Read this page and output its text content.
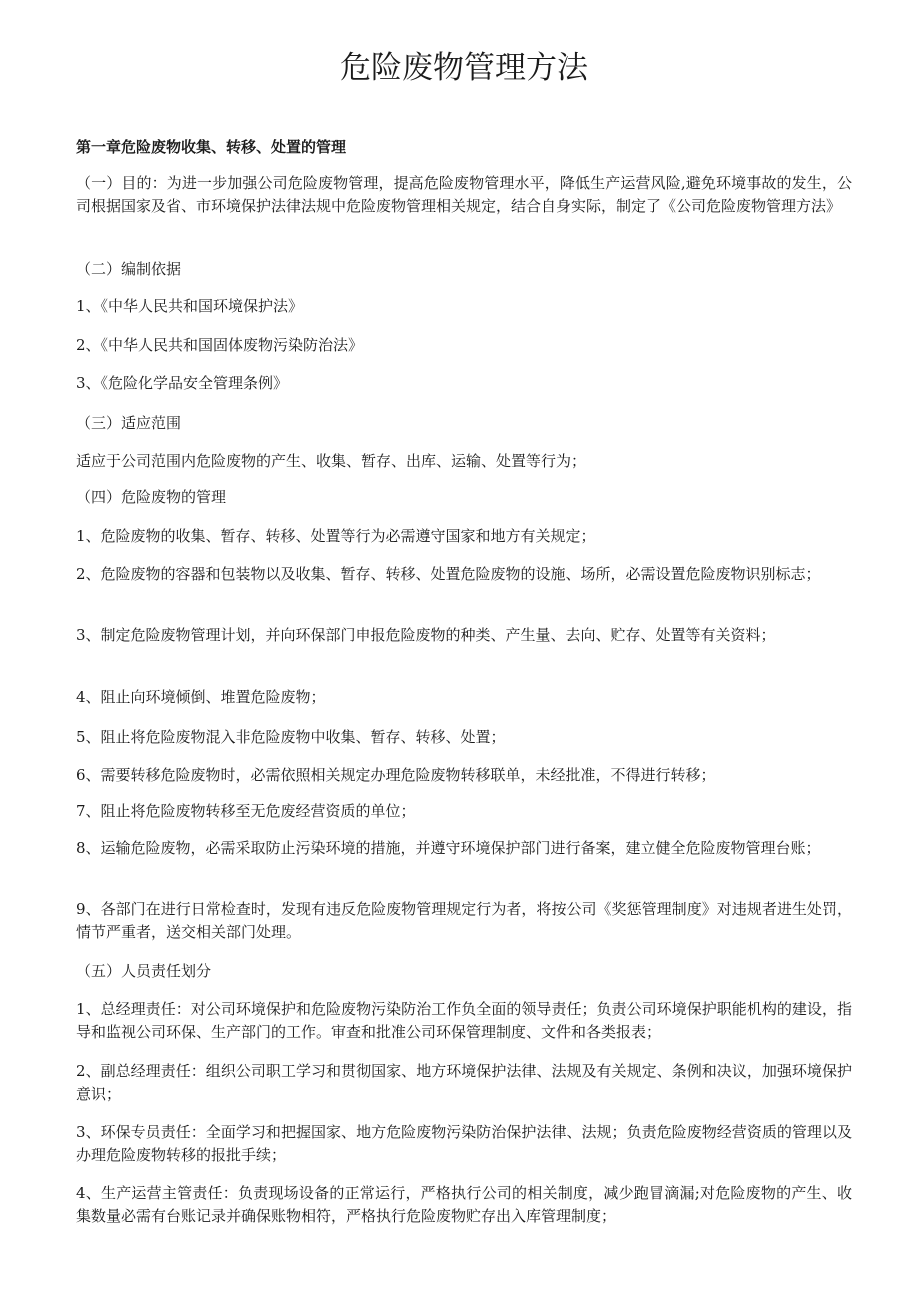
危险废物管理方法
第一章危险废物收集、转移、处置的管理

（一）目的：为进一步加强公司危险废物管理，提高危险废物管理水平，降低生产运营风险,避免环境事故的发生，公司根据国家及省、市环境保护法律法规中危险废物管理相关规定，结合自身实际，制定了《公司危险废物管理方法》

（二）编制依据

1、《中华人民共和国环境保护法》

2、《中华人民共和国固体废物污染防治法》

3、《危险化学品安全管理条例》

（三）适应范围

适应于公司范围内危险废物的产生、收集、暂存、出库、运输、处置等行为；

（四）危险废物的管理

1、危险废物的收集、暂存、转移、处置等行为必需遵守国家和地方有关规定；

2、危险废物的容器和包装物以及收集、暂存、转移、处置危险废物的设施、场所，必需设置危险废物识别标志；

3、制定危险废物管理计划，并向环保部门申报危险废物的种类、产生量、去向、贮存、处置等有关资料；

4、阻止向环境倾倒、堆置危险废物；

5、阻止将危险废物混入非危险废物中收集、暂存、转移、处置；

6、需要转移危险废物时，必需依照相关规定办理危险废物转移联单，未经批准，不得进行转移；

7、阻止将危险废物转移至无危废经营资质的单位；

8、运输危险废物，必需采取防止污染环境的措施，并遵守环境保护部门进行备案，建立健全危险废物管理台账；

9、各部门在进行日常检查时，发现有违反危险废物管理规定行为者，将按公司《奖惩管理制度》对违规者进生处罚，情节严重者，送交相关部门处理。

（五）人员责任划分

1、总经理责任：对公司环境保护和危险废物污染防治工作负全面的领导责任；负责公司环境保护职能机构的建设，指导和监视公司环保、生产部门的工作。审查和批准公司环保管理制度、文件和各类报表；

2、副总经理责任：组织公司职工学习和贯彻国家、地方环境保护法律、法规及有关规定、条例和决议，加强环境保护意识；

3、环保专员责任：全面学习和把握国家、地方危险废物污染防治保护法律、法规；负责危险废物经营资质的管理以及办理危险废物转移的报批手续；

4、生产运营主管责任：负责现场设备的正常运行，严格执行公司的相关制度，减少跑冒滴漏;对危险废物的产生、收集数量必需有台账记录并确保账物相符，严格执行危险废物贮存出入库管理制度；
